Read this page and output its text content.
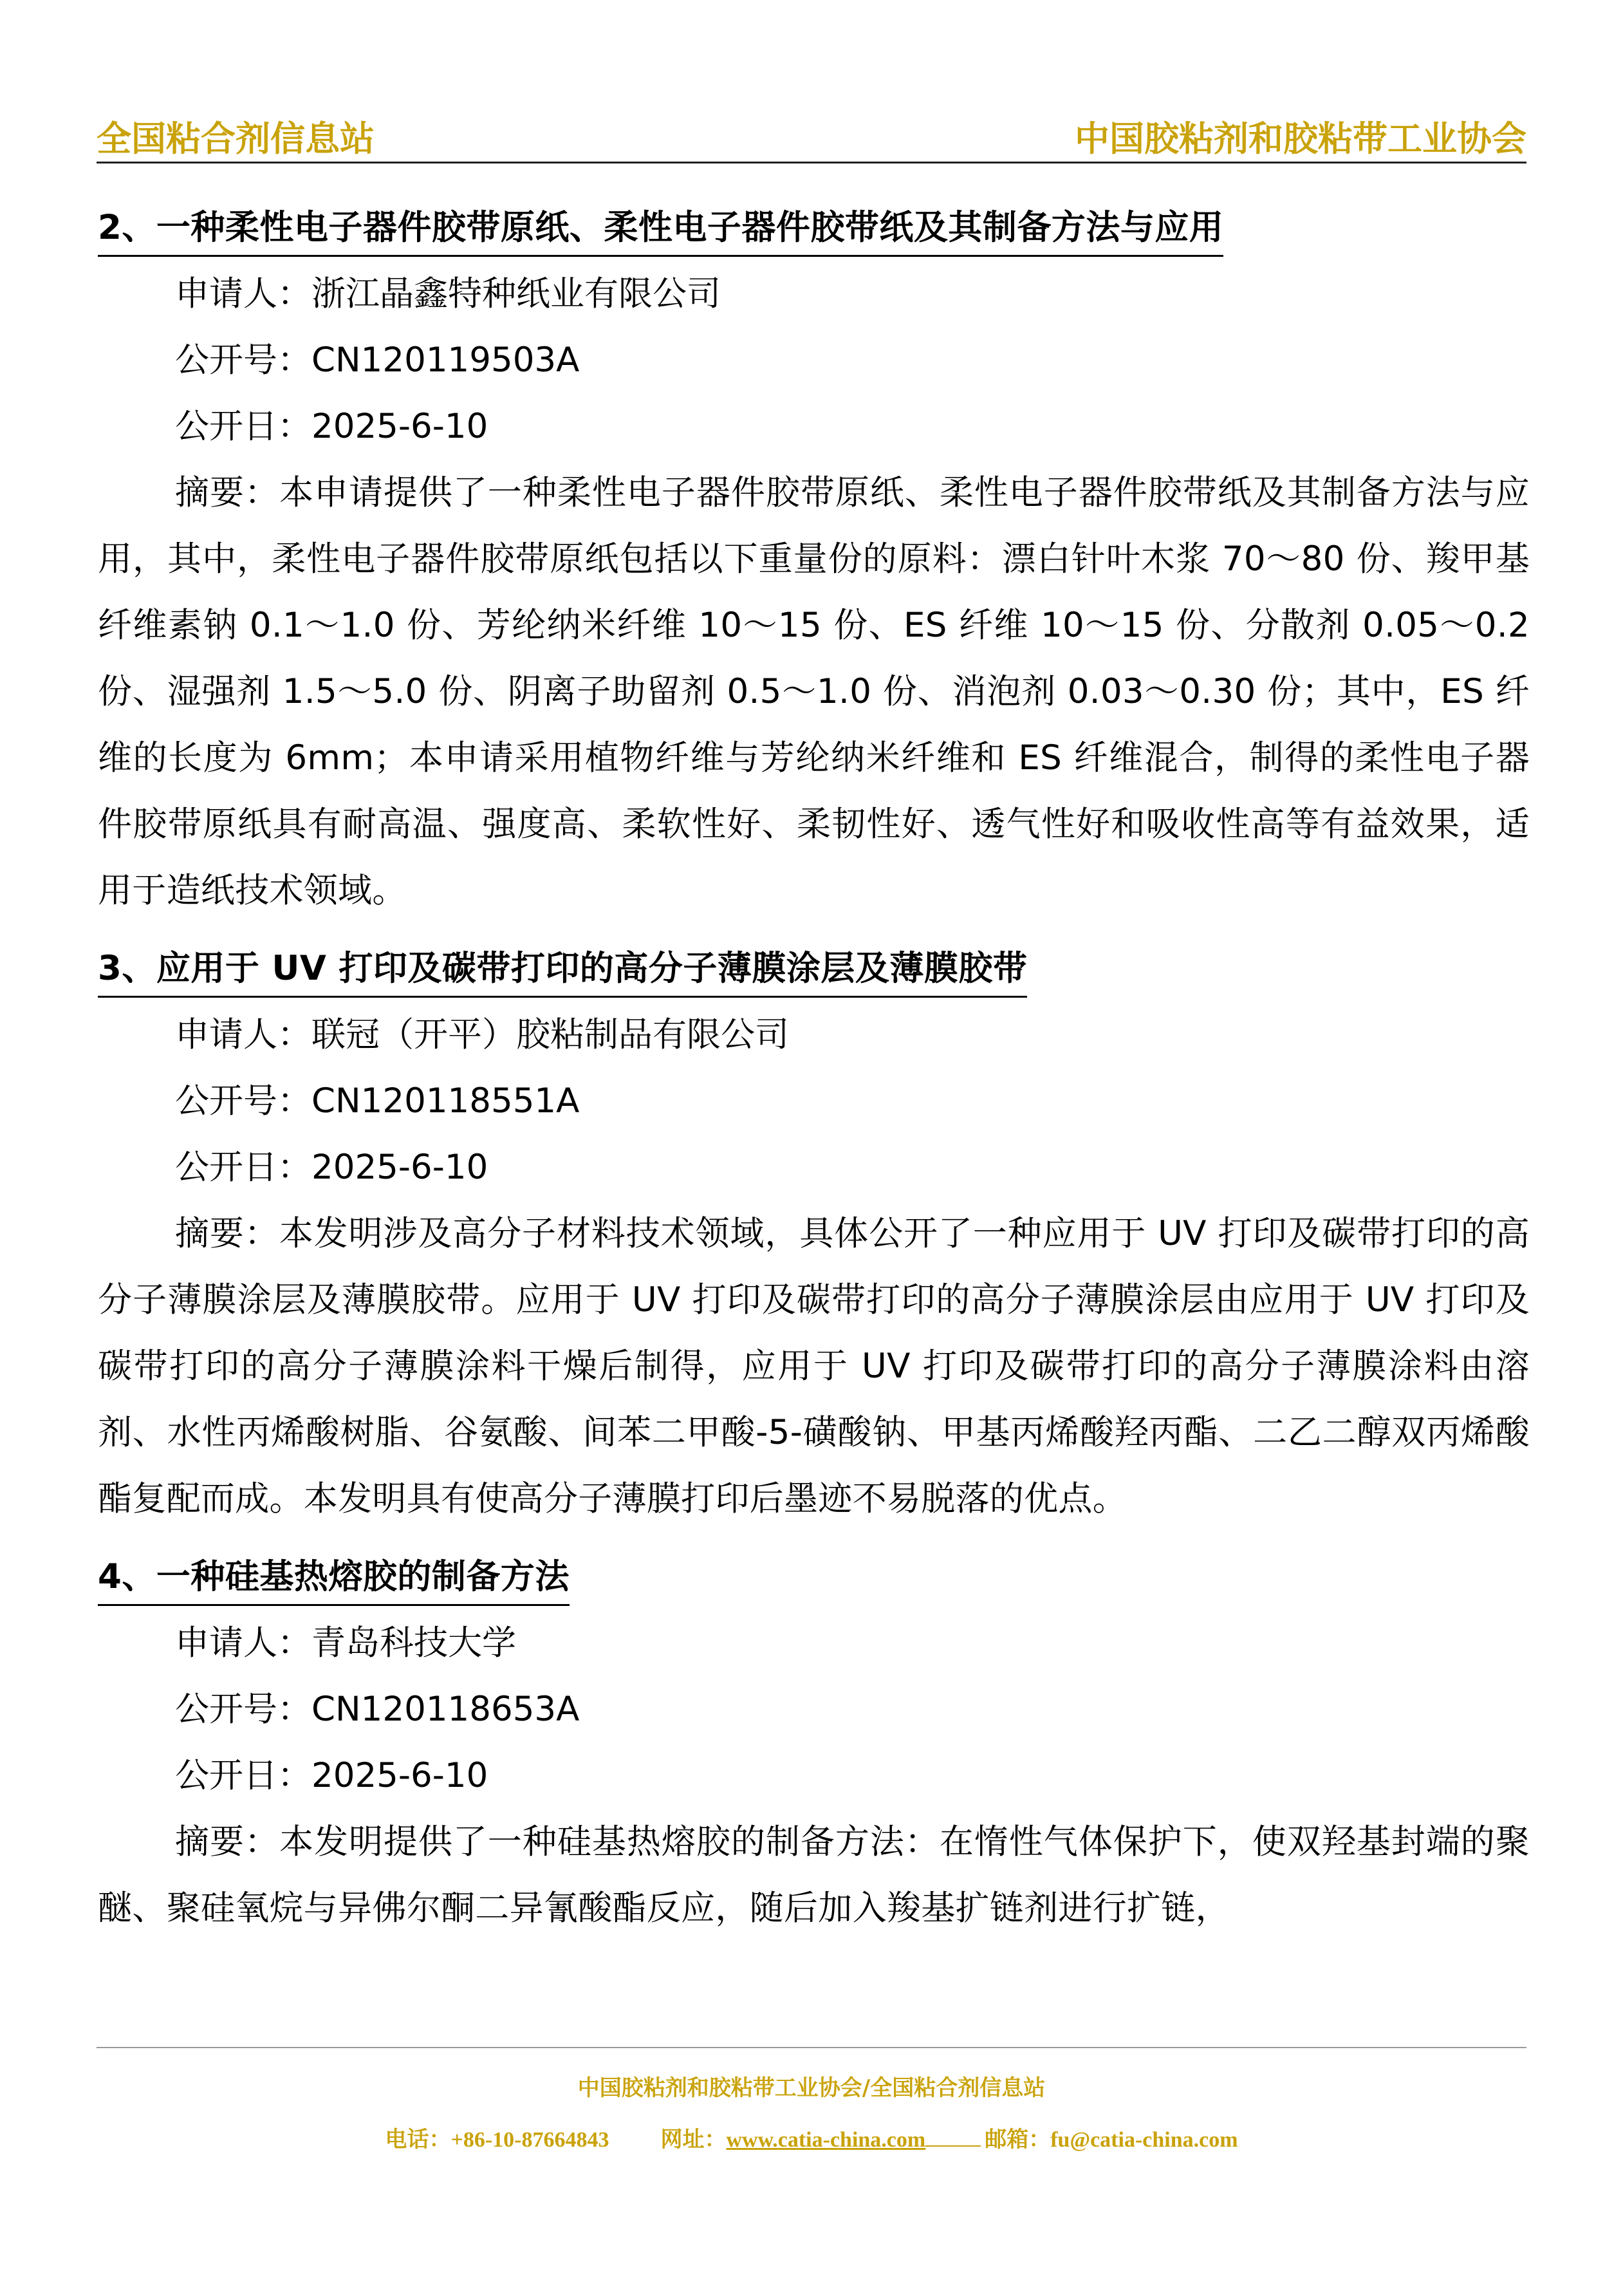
全国粘合剂信息站	中国胶粘剂和胶粘带工业协会
2、一种柔性电子器件胶带原纸、柔性电子器件胶带纸及其制备方法与应用
申请人：浙江晶鑫特种纸业有限公司
公开号：CN120119503A
公开日：2025-6-10

摘要：本申请提供了一种柔性电子器件胶带原纸、柔性电子器件胶带纸及其制备方法与应用，其中，柔性电子器件胶带原纸包括以下重量份的原料：漂白针叶木浆 70～80 份、羧甲基纤维素钠 0.1～1.0 份、芳纶纳米纤维 10～15 份、ES 纤维 10～15 份、分散剂 0.05～0.2 份、湿强剂 1.5～5.0 份、阴离子助留剂 0.5～1.0 份、消泡剂 0.03～0.30 份；其中，ES 纤维的长度为 6mm；本申请采用植物纤维与芳纶纳米纤维和 ES 纤维混合，制得的柔性电子器件胶带原纸具有耐高温、强度高、柔软性好、柔韧性好、透气性好和吸收性高等有益效果，适用于造纸技术领域。

3、应用于 UV 打印及碳带打印的高分子薄膜涂层及薄膜胶带
申请人：联冠（开平）胶粘制品有限公司
公开号：CN120118551A
公开日：2025-6-10

摘要：本发明涉及高分子材料技术领域，具体公开了一种应用于 UV 打印及碳带打印的高分子薄膜涂层及薄膜胶带。应用于 UV 打印及碳带打印的高分子薄膜涂层由应用于 UV 打印及碳带打印的高分子薄膜涂料干燥后制得，应用于 UV 打印及碳带打印的高分子薄膜涂料由溶剂、水性丙烯酸树脂、谷氨酸、间苯二甲酸-5-磺酸钠、甲基丙烯酸羟丙酯、二乙二醇双丙烯酸酯复配而成。本发明具有使高分子薄膜打印后墨迹不易脱落的优点。

4、一种硅基热熔胶的制备方法
申请人：青岛科技大学
公开号：CN120118653A
公开日：2025-6-10

摘要：本发明提供了一种硅基热熔胶的制备方法：在惰性气体保护下，使双羟基封端的聚醚、聚硅氧烷与异佛尔酮二异氰酸酯反应，随后加入羧基扩链剂进行扩链，

中国胶粘剂和胶粘带工业协会/全国粘合剂信息站
电话：+86-10-87664843 网址：www.catia-china.com	邮箱：fu@catia-china.com
